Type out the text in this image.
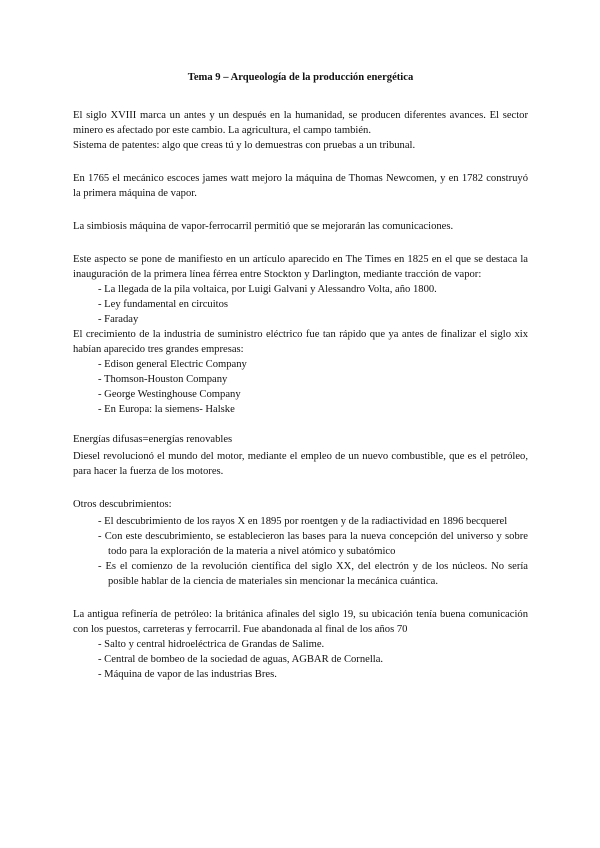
Tema 9 – Arqueología de la producción energética

El siglo XVIII marca un antes y un después en la humanidad, se producen diferentes avances. El sector minero es afectado por este cambio. La agricultura, el campo también.

Sistema de patentes: algo que creas tú y lo demuestras con pruebas a un tribunal.

En 1765 el mecánico escoces james watt mejoro la máquina de Thomas Newcomen, y en 1782 construyó la primera máquina de vapor.

La simbiosis máquina de vapor-ferrocarril permitió que se mejorarán las comunicaciones.

Este aspecto se pone de manifiesto en un artículo aparecido en The Times en 1825 en el que se destaca la inauguración de la primera línea férrea entre Stockton y Darlington, mediante tracción de vapor:

- La llegada de la pila voltaica, por Luigi Galvani y Alessandro Volta, año 1800.
- Ley fundamental en circuitos
- Faraday

El crecimiento de la industria de suministro eléctrico fue tan rápido que ya antes de finalizar el siglo xix habían aparecido tres grandes empresas:

- Edison general Electric Company
- Thomson-Houston Company
- George Westinghouse Company
- En Europa: la siemens- Halske

Energías difusas=energías renovables

Diesel revolucionó el mundo del motor, mediante el empleo de un nuevo combustible, que es el petróleo, para hacer la fuerza de los motores.

Otros descubrimientos:

- El descubrimiento de los rayos X en 1895 por roentgen y de la radiactividad en 1896 becquerel
- Con este descubrimiento, se establecieron las bases para la nueva concepción del universo y sobre todo para la exploración de la materia a nivel atómico y subatómico
- Es el comienzo de la revolución científica del siglo XX, del electrón y de los núcleos. No sería posible hablar de la ciencia de materiales sin mencionar la mecánica cuántica.

La antigua refinería de petróleo: la británica afinales del siglo 19, su ubicación tenía buena comunicación con los puestos, carreteras y ferrocarril. Fue abandonada al final de los años 70

- Salto y central hidroeléctrica de Grandas de Salime.
- Central de bombeo de la sociedad de aguas, AGBAR de Cornella.
- Máquina de vapor de las industrias Bres.
